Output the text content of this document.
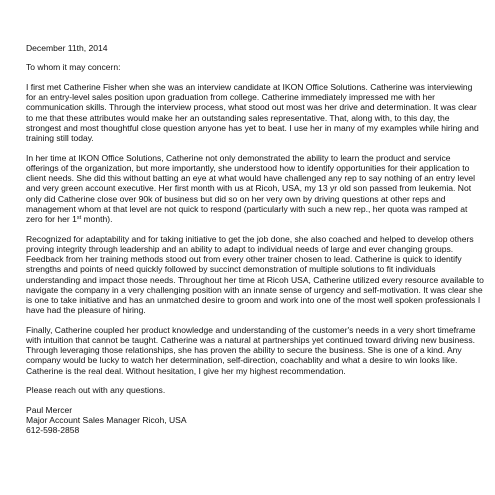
December 11th, 2014

To whom it may concern:

I first met Catherine Fisher when she was an interview candidate at IKON Office Solutions. Catherine was interviewing for an entry-level sales position upon graduation from college. Catherine immediately impressed me with her communication skills. Through the interview process, what stood out most was her drive and determination. It was clear to me that these attributes would make her an outstanding sales representative. That, along with, to this day, the strongest and most thoughtful close question anyone has yet to beat. I use her in many of my examples while hiring and training still today.

In her time at IKON Office Solutions, Catherine not only demonstrated the ability to learn the product and service offerings of the organization, but more importantly, she understood how to identify opportunities for their application to client needs. She did this without batting an eye at what would have challenged any rep to say nothing of an entry level and very green account executive. Her first month with us at Ricoh, USA, my 13 yr old son passed from leukemia. Not only did Catherine close over 90k of business but did so on her very own by driving questions at other reps and management whom at that level are not quick to respond (particularly with such a new rep., her quota was ramped at zero for her 1st month).

Recognized for adaptability and for taking initiative to get the job done, she also coached and helped to develop others proving integrity through leadership and an ability to adapt to individual needs of large and ever changing groups. Feedback from her training methods stood out from every other trainer chosen to lead. Catherine is quick to identify strengths and points of need quickly followed by succinct demonstration of multiple solutions to fit individuals understanding and impact those needs. Throughout her time at Ricoh USA, Catherine utilized every resource available to navigate the company in a very challenging position with an innate sense of urgency and self-motivation. It was clear she is one to take initiative and has an unmatched desire to groom and work into one of the most well spoken professionals I have had the pleasure of hiring.

Finally, Catherine coupled her product knowledge and understanding of the customer's needs in a very short timeframe with intuition that cannot be taught. Catherine was a natural at partnerships yet continued toward driving new business. Through leveraging those relationships, she has proven the ability to secure the business. She is one of a kind. Any company would be lucky to watch her determination, self-direction, coachablity and what a desire to win looks like. Catherine is the real deal. Without hesitation, I give her my highest recommendation.

Please reach out with any questions.

Paul Mercer
Major Account Sales Manager Ricoh, USA
612-598-2858
